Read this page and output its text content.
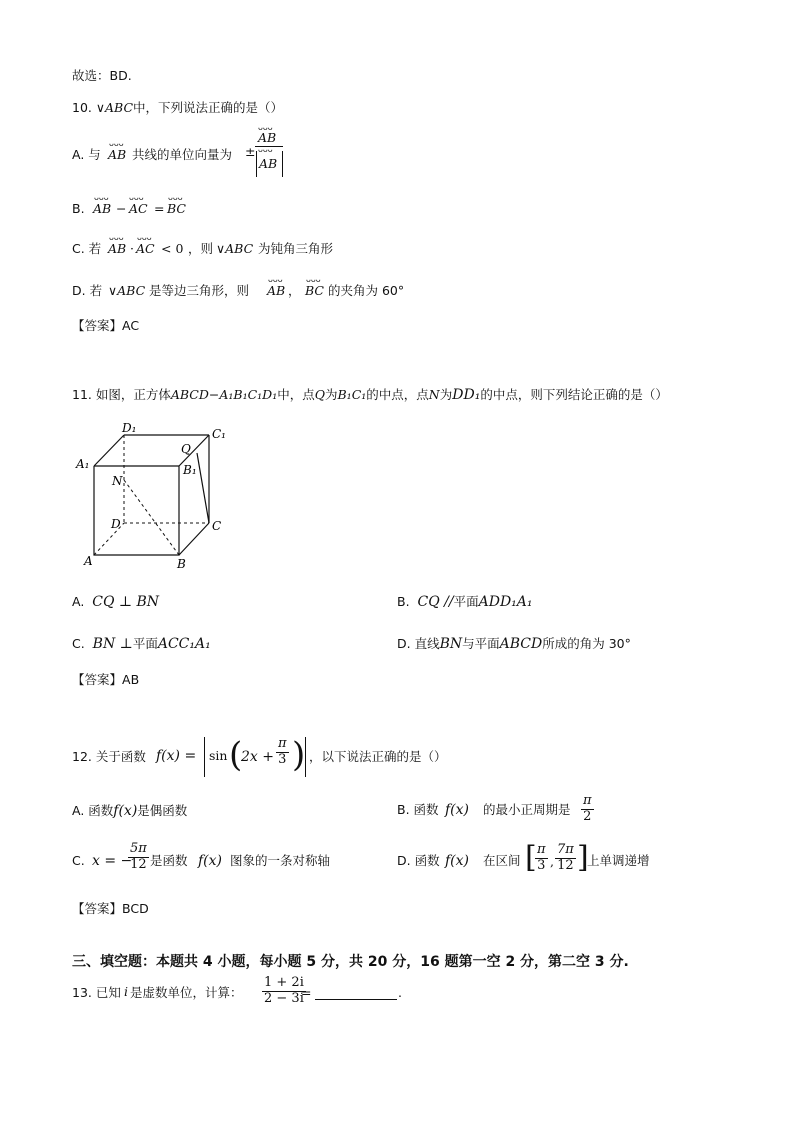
故选：BD.
10. ∨ABC中，下列说法正确的是（）
A. 与
ᴗᴗᴗ
AB 共线的单位向量为 ±
ᴗᴗᴗ
AB
ᴗᴗᴗ
AB
B.
ᴗᴗᴗ
AB −
ᴗᴗᴗ
AC =
ᴗᴗᴗ
BC
C. 若
ᴗᴗᴗ
AB ·
ᴗᴗᴗ
AC < 0 ，则 ∨ABC 为钝角三角形
D. 若 ∨ABC 是等边三角形，则
ᴗᴗᴗ
AB ，
ᴗᴗᴗ
BC 的夹角为 60°
【答案】AC
11. 如图，正方体ABCD−A₁B₁C₁D₁中，点Q为B₁C₁的中点，点N为DD₁的中点，则下列结论正确的是（）
D₁	C₁
Q
A₁	B₁
N
D	C
A	B
A. CQ ⊥ BN	B. CQ //平面ADD₁A₁
C. BN ⊥平面ACC₁A₁	D. 直线BN与平面ABCD所成的角为 30°
【答案】AB
12. 关于函数 f(x) = sin (
$2x + \frac{\pi}{3}$ ) ，以下说法正确的是（）
A. 函数f(x)是偶函数	B. 函数 f(x) 的最小正周期是 $\frac{\pi}{2}$
C. x = −
$\frac{5\pi}{12}$ 是函数 f(x) 图象的一条对称轴	D. 函数 f(x) 在区间 [
$\frac{\pi}{3}$ , $\frac{7\pi}{12}$ ]
上单调递增
【答案】BCD
三、填空题：本题共 4 小题，每小题 5 分，共 20 分，16 题第一空 2 分，第二空 3 分.
13. 已知 i 是虚数单位，计算： $\frac{1 + 2i}{2 - 3i}$
=	.
